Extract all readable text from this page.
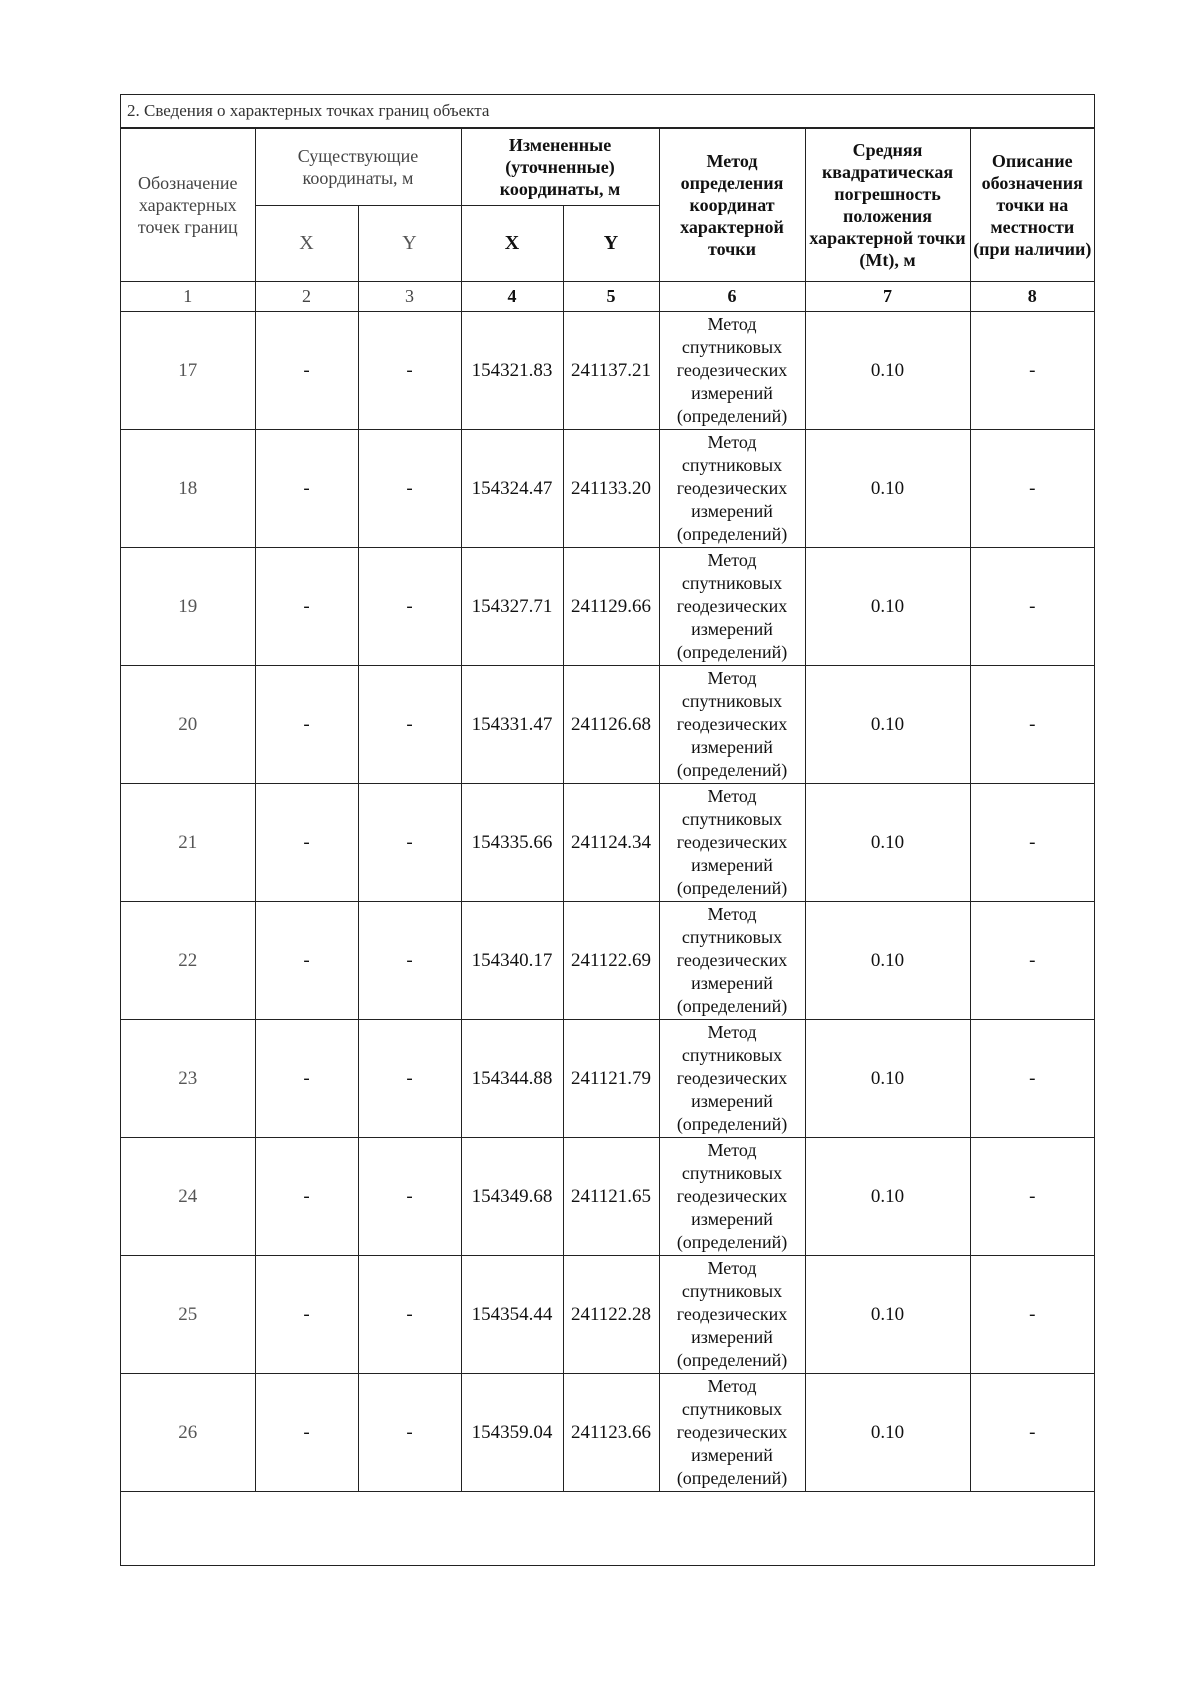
2. Сведения о характерных точках границ объекта
Обозначение характерных точек границ	Существующие координаты, м		Измененные (уточненные) координаты, м		Метод определения координат характерной точки	Средняя квадратическая погрешность положения характерной точки (Mt), м	Описание обозначения точки на местности (при наличии)
	X	Y	X	Y			
1	2	3	4	5	6	7	8
17	-	-	154321.83	241137.21	Метод
спутниковых
геодезических
измерений
(определений)	0.10	-
18	-	-	154324.47	241133.20	Метод
спутниковых
геодезических
измерений
(определений)	0.10	-
19	-	-	154327.71	241129.66	Метод
спутниковых
геодезических
измерений
(определений)	0.10	-
20	-	-	154331.47	241126.68	Метод
спутниковых
геодезических
измерений
(определений)	0.10	-
21	-	-	154335.66	241124.34	Метод
спутниковых
геодезических
измерений
(определений)	0.10	-
22	-	-	154340.17	241122.69	Метод
спутниковых
геодезических
измерений
(определений)	0.10	-
23	-	-	154344.88	241121.79	Метод
спутниковых
геодезических
измерений
(определений)	0.10	-
24	-	-	154349.68	241121.65	Метод
спутниковых
геодезических
измерений
(определений)	0.10	-
25	-	-	154354.44	241122.28	Метод
спутниковых
геодезических
измерений
(определений)	0.10	-
26	-	-	154359.04	241123.66	Метод
спутниковых
геодезических
измерений
(определений)	0.10	-
